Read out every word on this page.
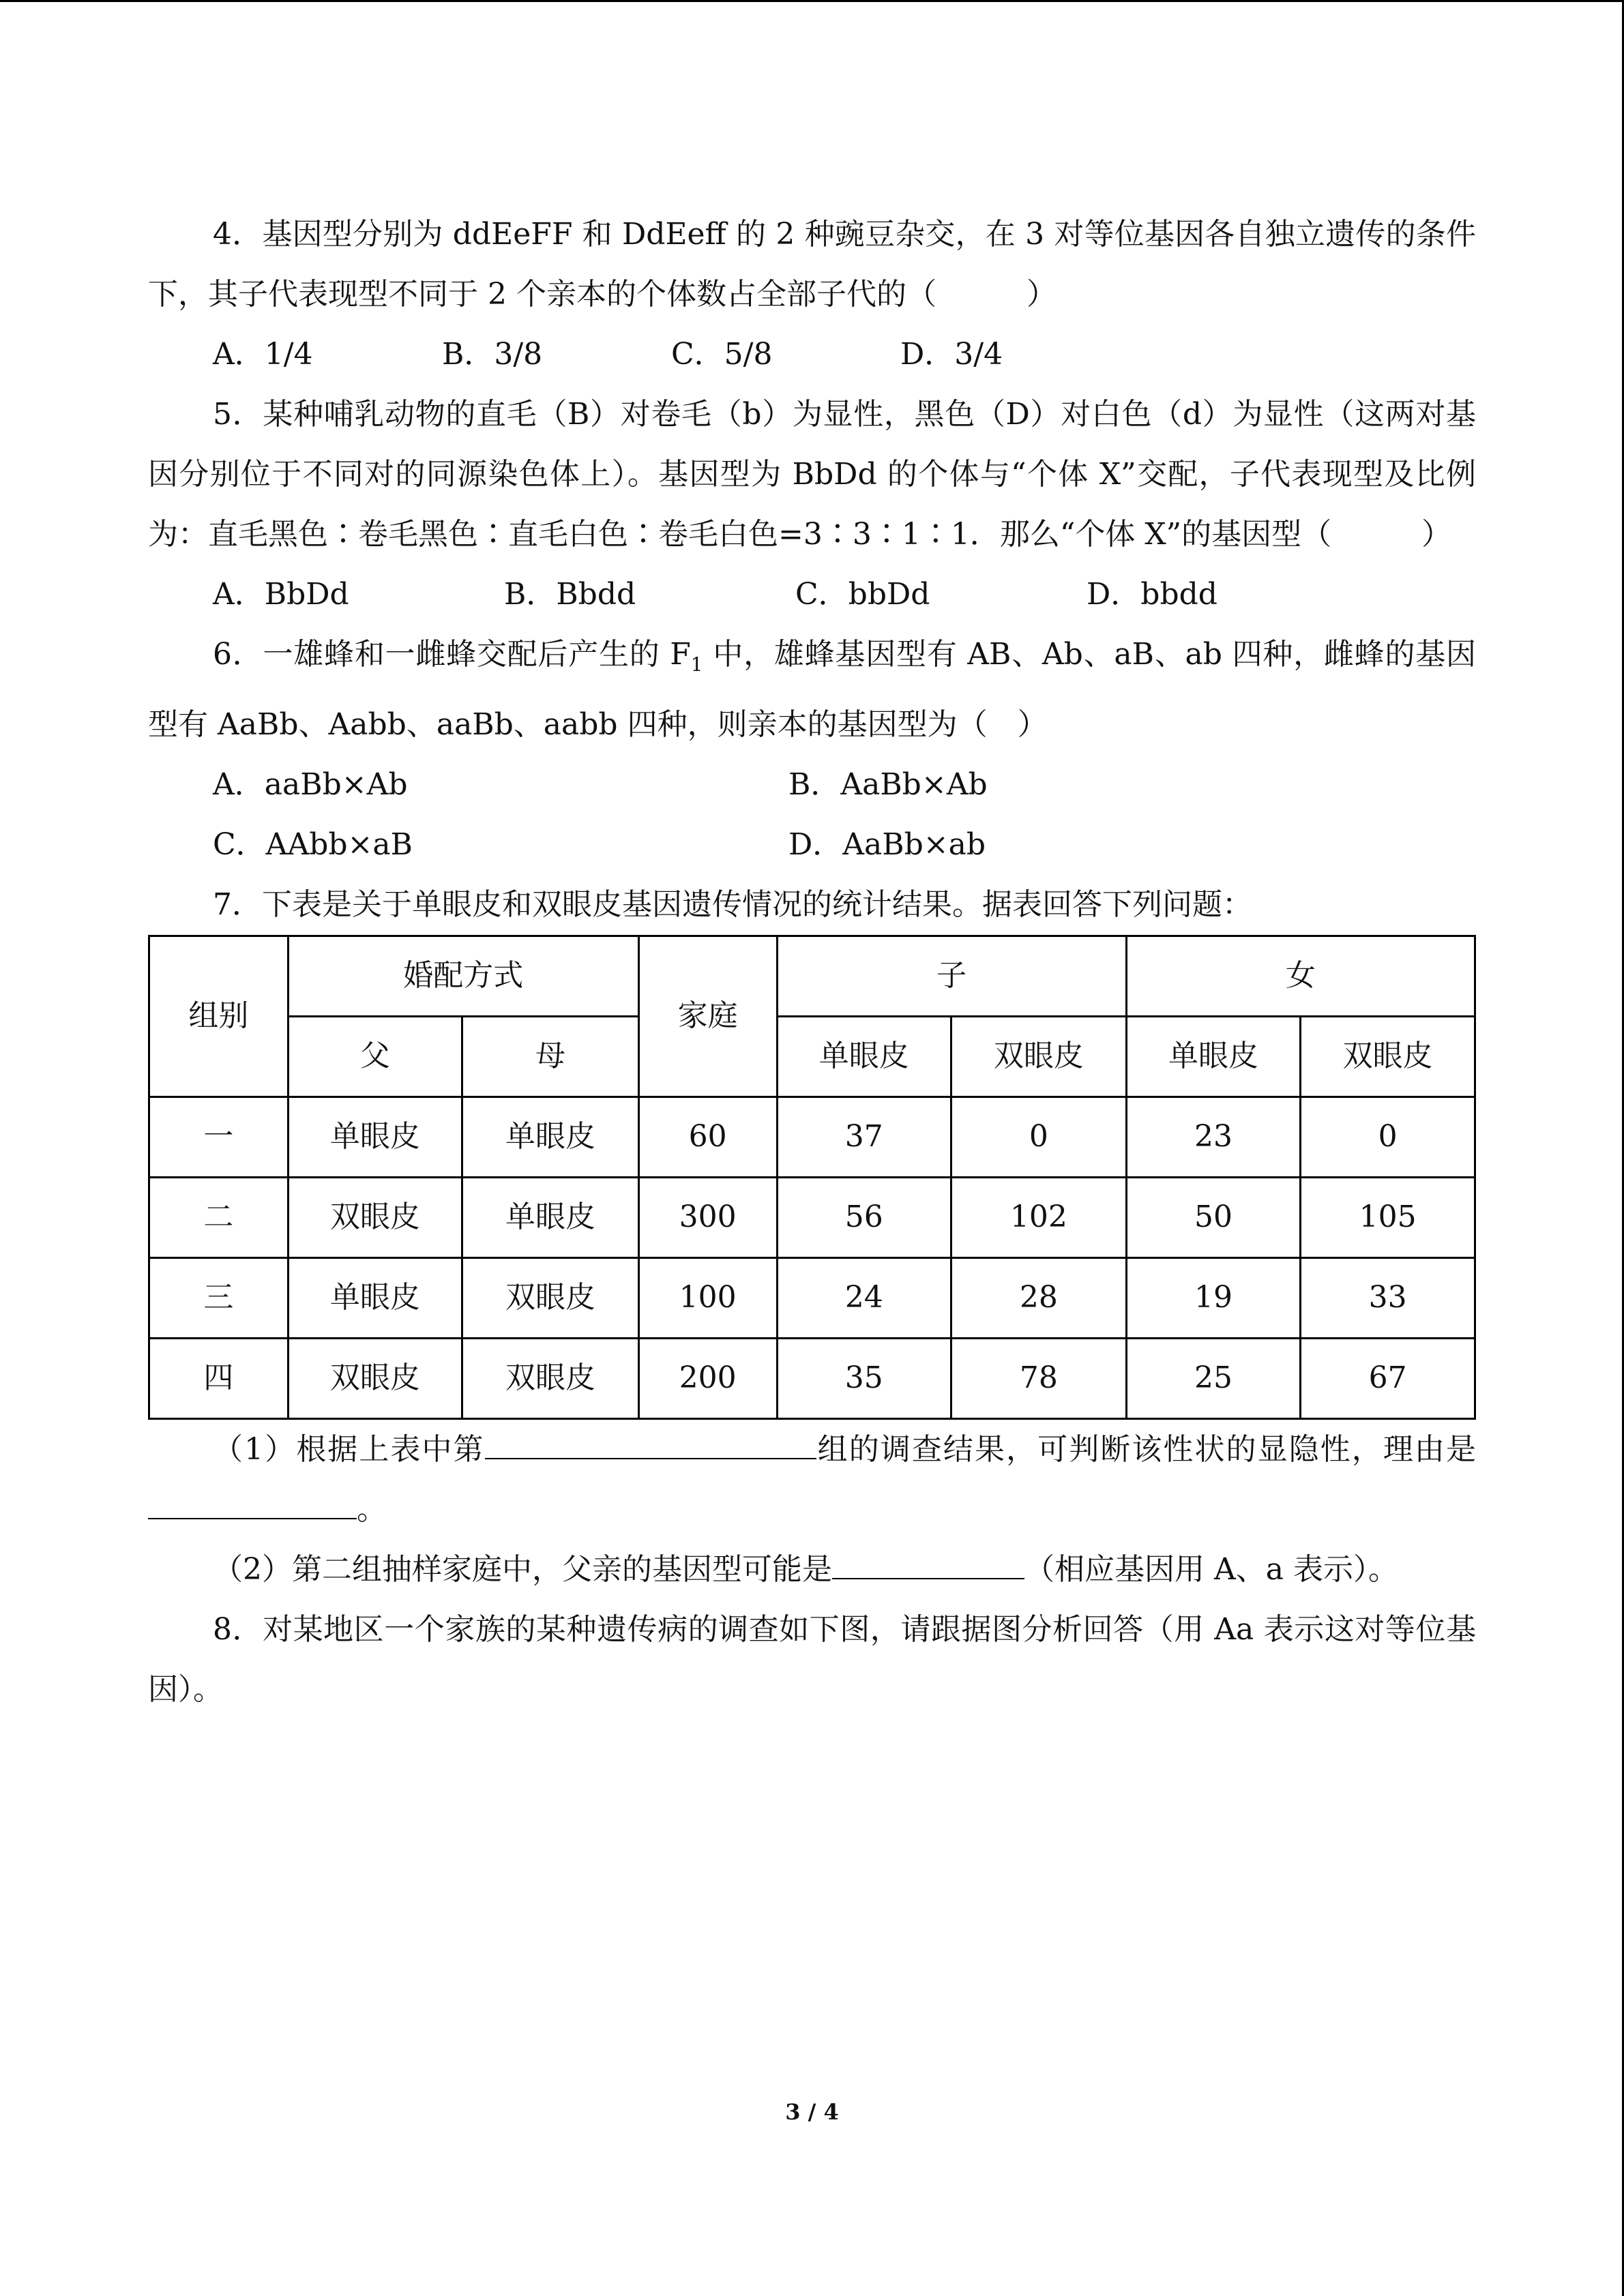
4．基因型分别为 ddEeFF 和 DdEeff 的 2 种豌豆杂交，在 3 对等位基因各自独立遗传的条件下，其子代表现型不同于 2 个亲本的个体数占全部子代的（　　　）

A．1/4	B．3/8	C．5/8	D．3/4

5．某种哺乳动物的直毛（B）对卷毛（b）为显性，黑色（D）对白色（d）为显性（这两对基因分别位于不同对的同源染色体上）。基因型为 BbDd 的个体与“个体 X”交配，子代表现型及比例为：直毛黑色∶卷毛黑色∶直毛白色∶卷毛白色=3∶3∶1∶1．那么“个体 X”的基因型（　　　）

A．BbDd	B．Bbdd	C．bbDd	D．bbdd

6．一雄蜂和一雌蜂交配后产生的 $F_1$ 中，雄蜂基因型有 AB、Ab、aB、ab 四种，雌蜂的基因型有 AaBb、Aabb、aaBb、aabb 四种，则亲本的基因型为（　）

A．aaBb×Ab	B．AaBb×Ab
C．AAbb×aB	D．AaBb×ab

7．下表是关于单眼皮和双眼皮基因遗传情况的统计结果。据表回答下列问题：

组别	婚配方式		家庭	子		女	
	父	母		单眼皮	双眼皮	单眼皮	双眼皮
一	单眼皮	单眼皮	60	37	0	23	0
二	双眼皮	单眼皮	300	56	102	50	105
三	单眼皮	双眼皮	100	24	28	19	33
四	双眼皮	双眼皮	200	35	78	25	67

（1）根据上表中第	组的调查结果，可判断该性状的显隐性，理由是。

（2）第二组抽样家庭中，父亲的基因型可能是	（相应基因用 A、a 表示）。

8．对某地区一个家族的某种遗传病的调查如下图，请跟据图分析回答（用 Aa 表示这对等位基因）。

3 / 4
